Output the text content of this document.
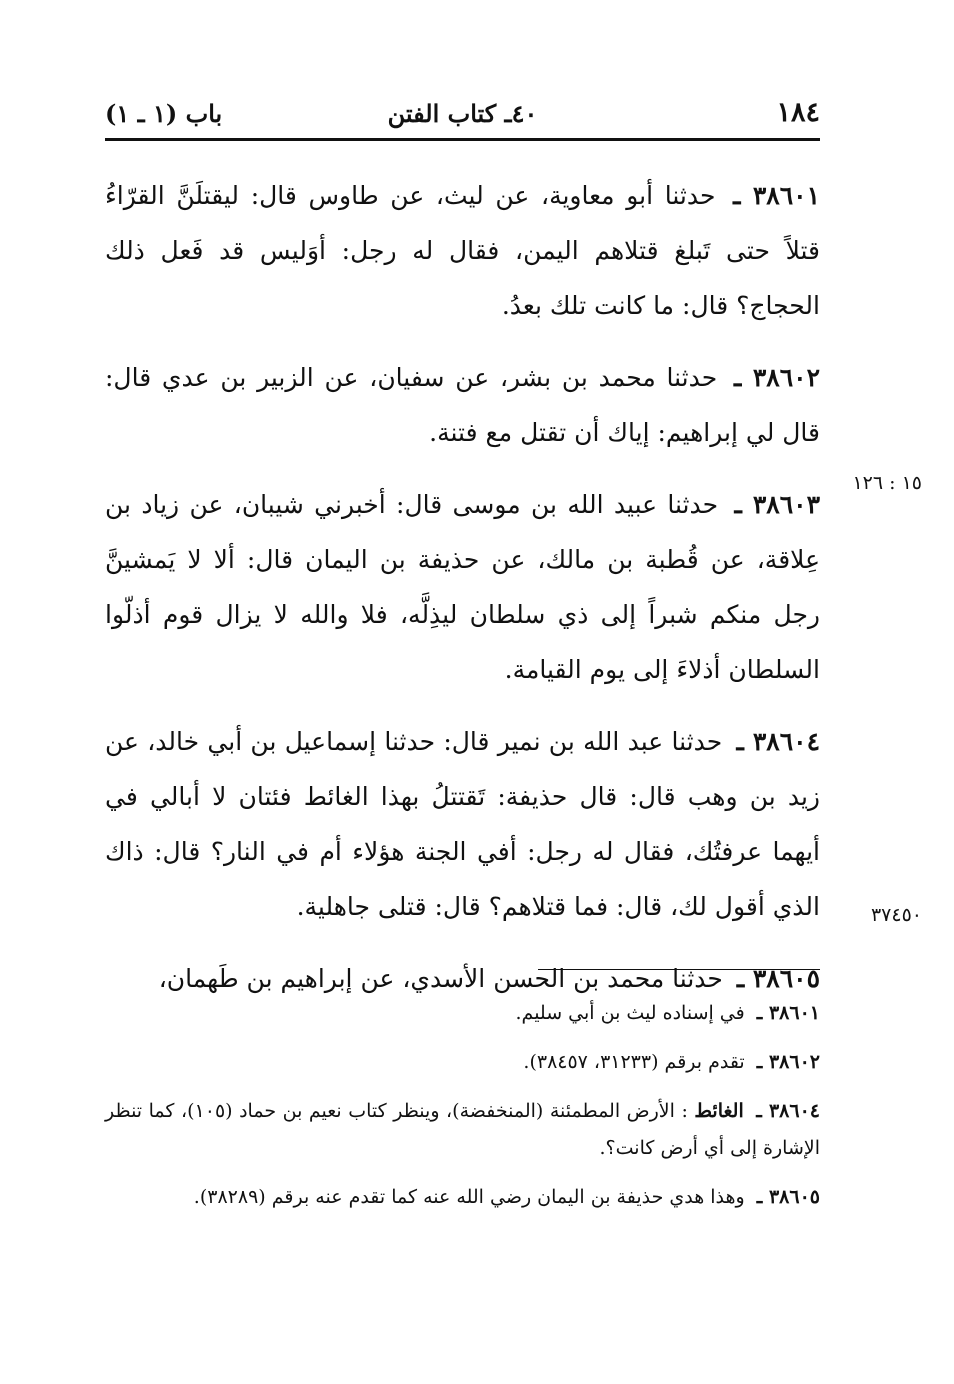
١٨٤
٤٠ـ كتاب الفتن
باب (١ ـ ١)
١٥ : ١٢٦
٣٧٤٥٠

٣٨٦٠١ ـ حدثنا أبو معاوية، عن ليث، عن طاوس قال: ليقتلَنَّ القرّاءُ قتلاً حتى تَبلغ قتلاهم اليمن، فقال له رجل: أوَليس قد فَعل ذلك الحجاج؟ قال: ما كانت تلك بعدُ.

٣٨٦٠٢ ـ حدثنا محمد بن بشر، عن سفيان، عن الزبير بن عدي قال: قال لي إبراهيم: إياك أن تقتل مع فتنة.

٣٨٦٠٣ ـ حدثنا عبيد الله بن موسى قال: أخبرني شيبان، عن زياد بن عِلاقة، عن قُطبة بن مالك، عن حذيفة بن اليمان قال: ألا لا يَمشينَّ رجل منكم شبراً إلى ذي سلطان ليذِلَّه، فلا والله لا يزال قوم أذلّوا السلطان أذلاءَ إلى يوم القيامة.

٣٨٦٠٤ ـ حدثنا عبد الله بن نمير قال: حدثنا إسماعيل بن أبي خالد، عن زيد بن وهب قال: قال حذيفة: تَقتتلُ بهذا الغائط فئتان لا أبالي في أيهما عرفتُك، فقال له رجل: أفي الجنة هؤلاء أم في النار؟ قال: ذاك الذي أقول لك، قال: فما قتلاهم؟ قال: قتلى جاهلية.

٣٨٦٠٥ ـ حدثنا محمد بن الحسن الأسدي، عن إبراهيم بن طَهمان،

٣٨٦٠١ ـ في إسناده ليث بن أبي سليم.

٣٨٦٠٢ ـ تقدم برقم (٣١٢٣٣، ٣٨٤٥٧).

٣٨٦٠٤ ـ الغائط : الأرض المطمئنة (المنخفضة)، وينظر كتاب نعيم بن حماد (١٠٥)، كما تنظر الإشارة إلى أي أرض كانت؟.

٣٨٦٠٥ ـ وهذا هدي حذيفة بن اليمان رضي الله عنه كما تقدم عنه برقم (٣٨٢٨٩).
